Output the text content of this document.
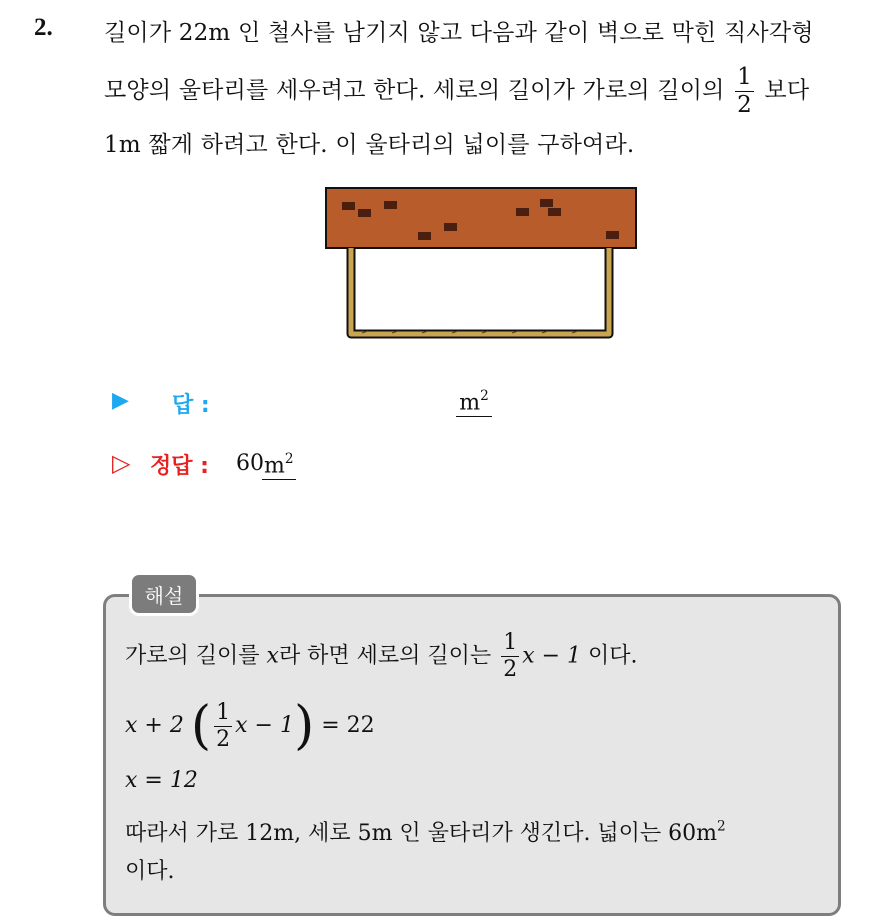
2. 길이가 22m 인 철사를 남기지 않고 다음과 같이 벽으로 막힌 직사각형
모양의 울타리를 세우려고 한다. 세로의 길이가 가로의 길이의 $\frac{1}{2}$ 보다
1m 짧게 하려고 한다. 이 울타리의 넓이를 구하여라.
▶ 답 :	$m^2$
▷ 정답 : 60 $m^2$
해설
가로의 길이를 x라 하면 세로의 길이는 $\frac{1}{2}$ x − 1 이다.
x + 2 ( $\frac{1}{2}$ x − 1) = 22
x = 12
따라서 가로 12m, 세로 5m 인 울타리가 생긴다. 넓이는 $60m^2$
이다.
